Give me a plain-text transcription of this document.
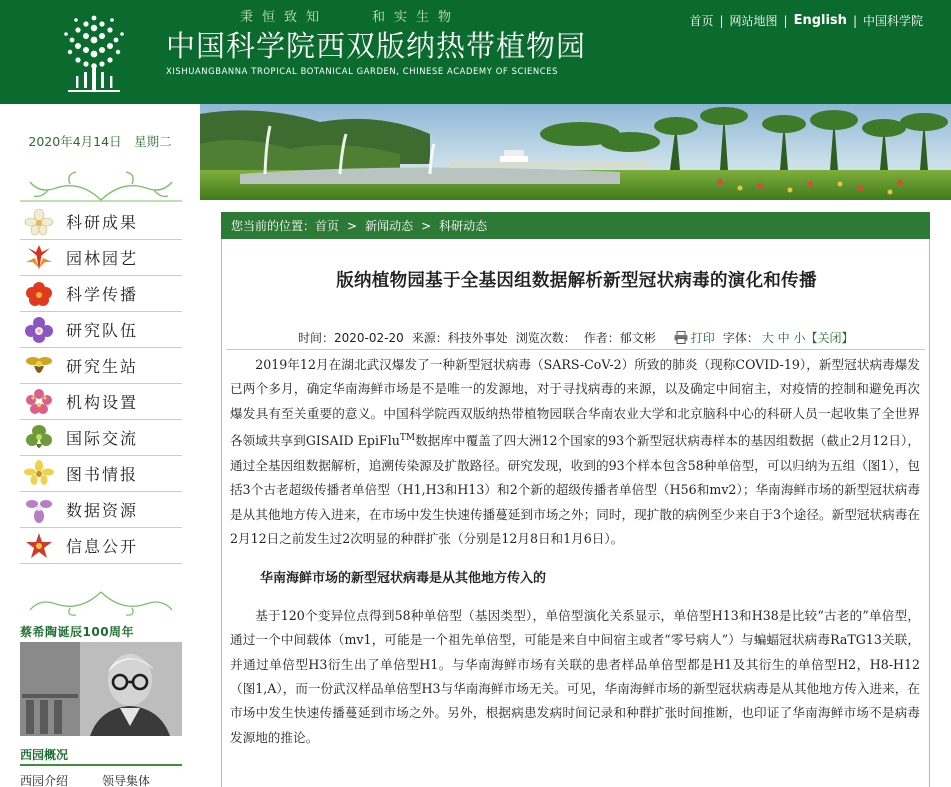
秉恒致知　　和实生物
中国科学院西双版纳热带植物园
XISHUANGBANNA TROPICAL BOTANICAL GARDEN, CHINESE ACADEMY OF SCIENCES
首页 | 网站地图 | English | 中国科学院
2020年4月14日　星期二
科研成果
园林园艺
科学传播
研究队伍
研究生站
机构设置
国际交流
图书情报
数据资源
信息公开
蔡希陶诞辰100周年
西园概况
西园介绍	领导集体
您当前的位置： 首页 > 新闻动态 > 科研动态
版纳植物园基于全基因组数据解析新型冠状病毒的演化和传播
时间：2020-02-20 来源：科技外事处 浏览次数： 作者：郁文彬	打印 字体： 大 中 小 【关闭】

2019年12月在湖北武汉爆发了一种新型冠状病毒（SARS-CoV-2）所致的肺炎（现称COVID-19），新型冠状病毒爆发已两个多月，确定华南海鲜市场是不是唯一的发源地，对于寻找病毒的来源，以及确定中间宿主，对疫情的控制和避免再次爆发具有至关重要的意义。中国科学院西双版纳热带植物园联合华南农业大学和北京脑科中心的科研人员一起收集了全世界各领域共享到GISAID EpiFlu™数据库中覆盖了四大洲12个国家的93个新型冠状病毒样本的基因组数据（截止2月12日），通过全基因组数据解析，追溯传染源及扩散路径。研究发现，收到的93个样本包含58种单倍型，可以归纳为五组（图1），包括3个古老超级传播者单倍型（H1,H3和H13）和2个新的超级传播者单倍型（H56和mv2）；华南海鲜市场的新型冠状病毒是从其他地方传入进来，在市场中发生快速传播蔓延到市场之外；同时，现扩散的病例至少来自于3个途径。新型冠状病毒在2月12日之前发生过2次明显的种群扩张（分别是12月8日和1月6日）。

华南海鲜市场的新型冠状病毒是从其他地方传入的

基于120个变异位点得到58种单倍型（基因类型），单倍型演化关系显示，单倍型H13和H38是比较“古老的”单倍型，通过一个中间载体（mv1，可能是一个祖先单倍型，可能是来自中间宿主或者“零号病人”）与蝙蝠冠状病毒RaTG13关联，并通过单倍型H3衍生出了单倍型H1。与华南海鲜市场有关联的患者样品单倍型都是H1及其衍生的单倍型H2，H8-H12（图1,A），而一份武汉样品单倍型H3与华南海鲜市场无关。可见，华南海鲜市场的新型冠状病毒是从其他地方传入进来，在市场中发生快速传播蔓延到市场之外。另外，根据病患发病时间记录和种群扩张时间推断，也印证了华南海鲜市场不是病毒发源地的推论。
